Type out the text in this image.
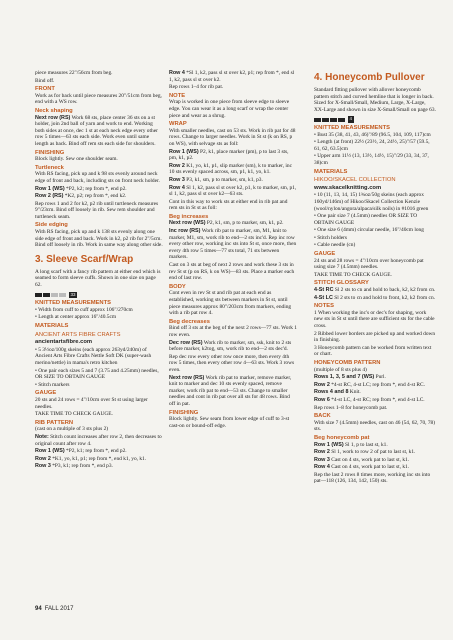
piece measures 22"/56cm from beg.

Bind off.

FRONT

Work as for back until piece measures 20"/51cm from beg, end with a WS row.

Neck shaping

Next row (RS) Work 68 sts, place center 36 sts on a st holder, join 2nd ball of yarn and work to end. Working both sides at once, dec 1 st at each neck edge every other row 5 times—63 sts each side. Work even until same length as back. Bind off rem sts each side for shoulders.

FINISHING

Block lightly. Sew one shoulder seam.

Turtleneck

With RS facing, pick up and k 98 sts evenly around neck edge of front and back, including sts on front neck holder.

Row 1 (WS) *P2, k2; rep from *, end p2.

Row 2 (RS) *K2, p2; rep from *, end k2.

Rep rows 1 and 2 for k2, p2 rib until turtleneck measures 9"/23cm. Bind off loosely in rib. Sew rem shoulder and turtleneck seam.

Side edging

With RS facing, pick up and k 138 sts evenly along one side edge of front and back. Work in k2, p2 rib for 2"/5cm. Bind off loosely in rib. Work in same way along other side.

3. Sleeve Scarf/Wrap

A long scarf with a fancy rib pattern at either end which is seamed to form sleeve cuffs. Shown in one size on page 62.

33
KNITTED MEASUREMENTS

• Width from cuff to cuff approx 106"/270cm

• Length at center approx 16"/40.5cm

MATERIALS
ANCIENT ARTS FIBRE CRAFTS
ancientartsfibre.com

• 5 3½oz/100g skeins (each approx 263yd/240m) of Ancient Arts Fibre Crafts Nettle Soft DK (super-wash merino/nettle) in mama's retro kitchen

• One pair each sizes 5 and 7 (3.75 and 4.25mm) needles, OR SIZE TO OBTAIN GAUGE

• Stitch markers

GAUGE

20 sts and 24 rows = 4"/10cm over St st using larger needles.

TAKE TIME TO CHECK GAUGE.

RIB PATTERN

(cast on a multiple of 3 sts plus 2)

Note: Stitch count increases after row 2, then decreases to original count after row 4.

Row 1 (WS) *P2, k1; rep from *, end p2.

Row 2 *K1, yo, k1, p1; rep from *, end k1, yo, k1.

Row 3 *P3, k1; rep from *, end p3.

Row 4 *Sl 1, k2, pass sl st over k2, p1; rep from *, end sl 1, k2, pass sl st over k2.

Rep rows 1–4 for rib pat.

NOTE

Wrap is worked in one piece from sleeve edge to sleeve edge. You can wear it as a long scarf or wrap the center piece and wear as a shrug.

WRAP

With smaller needles, cast on 53 sts. Work in rib pat for 48 rows. Change to larger needles. Work in St st (k on RS, p on WS), with selvage sts as foll:

Row 1 (WS) P2, k1, place marker (pm), p to last 3 sts, pm, k1, p2.

Row 2 K1, yo, k1, p1, slip marker (sm), k to marker, inc 10 sts evenly spaced across, sm, p1, k1, yo, k1.

Row 3 P3, k1, sm, p to marker, sm, k1, p3.

Row 4 Sl 1, k2, pass sl st over k2, p1, k to marker, sm, p1, sl 1, k2, pass sl st over k2—63 sts.

Cont in this way to work sts at either end in rib pat and rem sts in St st as foll:

Beg increases

Next row (WS) P2, k1, sm, p to marker, sm, k1, p2.

Inc row (RS) Work rib pat to marker, sm, M1, knit to marker, M1, sm, work rib to end—2 sts inc'd. Rep inc row every other row, working inc sts into St st, once more, then every 4th row 5 times—77 sts total, 71 sts between markers.

Cast on 3 sts at beg of next 2 rows and work these 3 sts in rev St st (p on RS, k on WS)—83 sts. Place a marker each end of last row.

BODY

Cont even in rev St st and rib pat at each end as established, working sts between markers in St st, until piece measures approx 80"/203cm from markers, ending with a rib pat row 4.

Beg decreases

Bind off 3 sts at the beg of the next 2 rows—77 sts. Work 1 row even.

Dec row (RS) Work rib to marker, sm, ssk, knit to 2 sts before marker, k2tog, sm, work rib to end—2 sts dec'd.

Rep dec row every other row once more, then every 4th row 5 times, then every other row 4—63 sts. Work 3 rows even.

Next row (RS) Work rib pat to marker, remove marker, knit to marker and dec 10 sts evenly spaced, remove marker, work rib pat to end—53 sts. Change to smaller needles and cont in rib pat over all sts for 48 rows. Bind off in pat.

FINISHING

Block lightly. Sew seam from lower edge of cuff to 3-st cast-on or bound-off edge.

4. Honeycomb Pullover

Standard fitting pullover with allover honeycomb pattern stitch and curved hemline that is longer in back. Sized for X-Small/Small, Medium, Large, X-Large, XX-Large and shown in size X-Small/Small on page 63.

4
KNITTED MEASUREMENTS

• Bust 35 (38, 41, 43, 46)"/89 (96.5, 104, 109, 117)cm

• Length (at front) 22½ (23½, 24, 24½, 25)"/57 (59.5, 61, 62, 63.5)cm

• Upper arm 11½ (13, 13½, 14½, 15)"/29 (33, 34, 37, 38)cm

MATERIALS
HIKOO/SKACEL COLLECTION
www.skacelknitting.com

• 10 (11, 13, 14, 15) 1¾oz/50g skeins (each approx 160yd/146m) of Hikoo/Skacel Collection Kenzie (wool/nylon/angora/alpaca/silk noils) in #1016 green

• One pair size 7 (4.5mm) needles OR SIZE TO OBTAIN GAUGE

• One size 6 (4mm) circular needle, 16"/40cm long

• Stitch holders

• Cable needle (cn)

GAUGE

24 sts and 28 rows = 4"/10cm over honeycomb pat using size 7 (4.5mm) needles.

TAKE TIME TO CHECK GAUGE.

STITCH GLOSSARY

4-St RC Sl 2 sts to cn and hold to back, k2, k2 from cn.

4-St LC Sl 2 sts to cn and hold to front, k2, k2 from cn.

NOTES

1 When working the inc's or dec's for shaping, work new sts in St st until there are sufficient sts for the cable cross.

2 Ribbed lower borders are picked up and worked down in finishing.

3 Honeycomb pattern can be worked from written text or chart.

HONEYCOMB PATTERN

(multiple of 8 sts plus 4)

Rows 1, 3, 5 and 7 (WS) Purl.

Row 2 *4-st RC, 4-st LC; rep from *, end 4-st RC.

Rows 4 and 8 Knit.

Row 6 *4-st LC, 4-st RC; rep from *, end 4-st LC.

Rep rows 1–8 for honeycomb pat.

BACK

With size 7 (4.5mm) needles, cast on 46 (54, 62, 70, 78) sts.

Beg honeycomb pat

Row 1 (WS) Sl 1, p to last st, k1.

Row 2 Sl 1, work to row 2 of pat to last st, k1.

Row 3 Cast on 4 sts, work pat to last st, k1.

Row 4 Cast on 4 sts, work pat to last st, k1.

Rep the last 2 rows 8 times more, working inc sts into pat—118 (126, 134, 142, 150) sts.

94 FALL 2017
